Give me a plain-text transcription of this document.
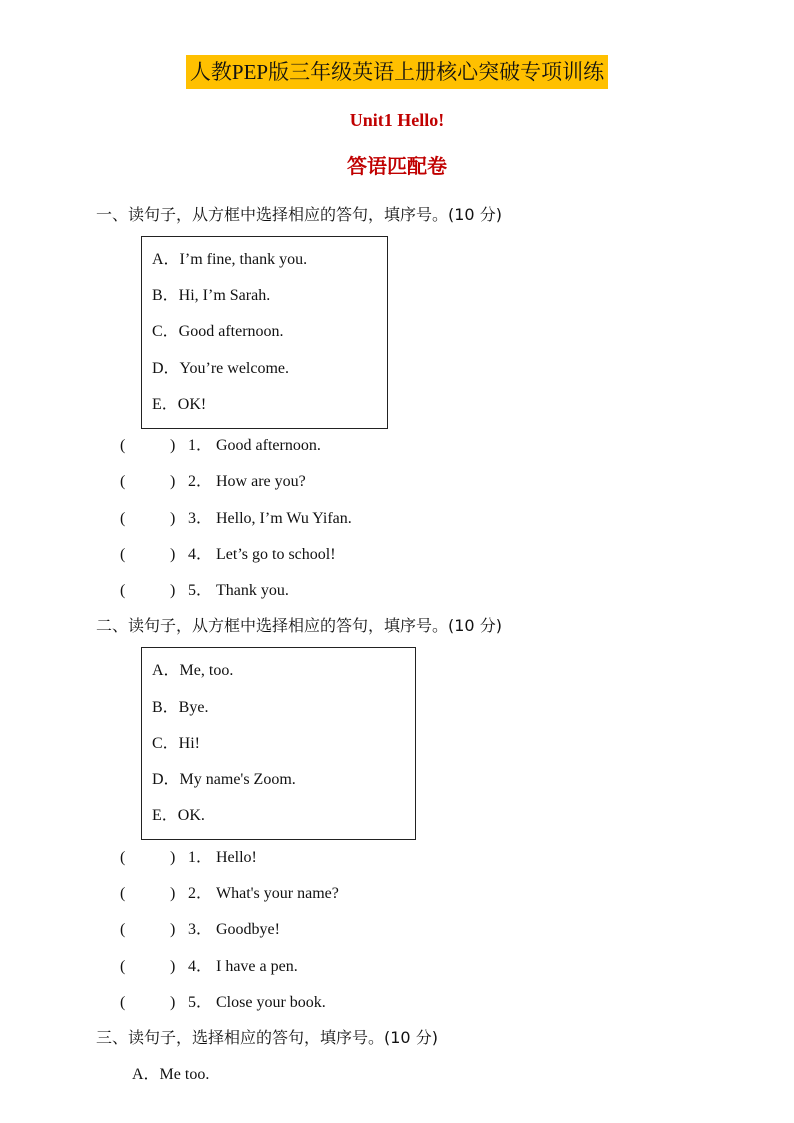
人教PEP版三年级英语上册核心突破专项训练
Unit1 Hello!
答语匹配卷
一、读句子，从方框中选择相应的答句，填序号。(10 分)
A．I’m fine, thank you.
B．Hi, I’m Sarah.
C．Good afternoon.
D．You’re welcome.
E．OK!
(	) 1． Good afternoon.
(	) 2． How are you?
(	) 3． Hello, I’m Wu Yifan.
(	) 4． Let’s go to school!
(	) 5． Thank you.
二、读句子，从方框中选择相应的答句，填序号。(10 分)
A．Me, too.
B．Bye.
C．Hi!
D．My name's Zoom.
E．OK.
(	) 1． Hello!
(	) 2． What's your name?
(	) 3． Goodbye!
(	) 4． I have a pen.
(	) 5． Close your book.
三、读句子，选择相应的答句，填序号。(10 分)
A．Me too.
